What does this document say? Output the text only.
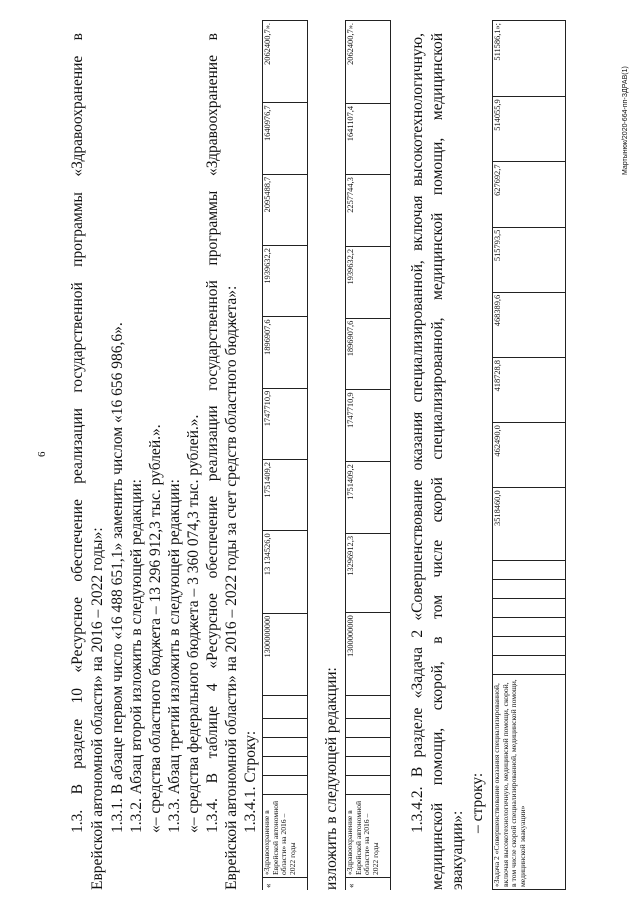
6 1.3. В разделе 10 «Ресурсное обеспечение реализации государственной программы «Здравоохранение в Еврейской автономной области» на 2016 – 2022 годы»: 1.3.1. В абзаце первом число «16 488 651,1» заменить числом «16 656 986,6». 1.3.2. Абзац второй изложить в следующей редакции: «– средства областного бюджета – 13 296 912,3 тыс. рублей.». 1.3.3. Абзац третий изложить в следующей редакции: «– средства федерального бюджета – 3 360 074,3 тыс. рублей.». 1.3.4. В таблице 4 «Ресурсное обеспечение реализации государственной программы «Здравоохранение в Еврейской автономной области» на 2016 – 2022 годы за счет средств областного бюджета»: 1.3.4.1. Строку:
«	«Здравоохранение в Еврейской автономной области» на 2016 – 2022 годы						1300000000	13 134526,0	1751409,2	1747710,9	1896907,6	1939632,2	2095488,7	1640976,7	2062400,7».
изложить в следующей редакции: «	«Здравоохранение в Еврейской автономной области» на 2016 – 2022 годы						1300000000	13296912,3	1751409,2	1747710,9	1896907,6	1939632,2	2257744,3	1641107,4	2062400,7».	1.3.4.2. В разделе «Задача 2 «Совершенствование оказания специализированной, включая высокотехнологичную, медицинской помощи, скорой, в том числе скорой специализированной, медицинской помощи, медицинской эвакуации»:
– строку: «Задача 2 «Совершенствование оказания специализированной, включая высокотехнологичную, медицинской помощи, скорой, в том числе скорой специализированной, медицинской помощи, медицинской эвакуации»							3518460,0	462490,0	418728,8	468389,6	515793,5	627692,7	514055,9	511586,1»;
Мартынюк/2020-664-пп-ЗДРАВ(1)
